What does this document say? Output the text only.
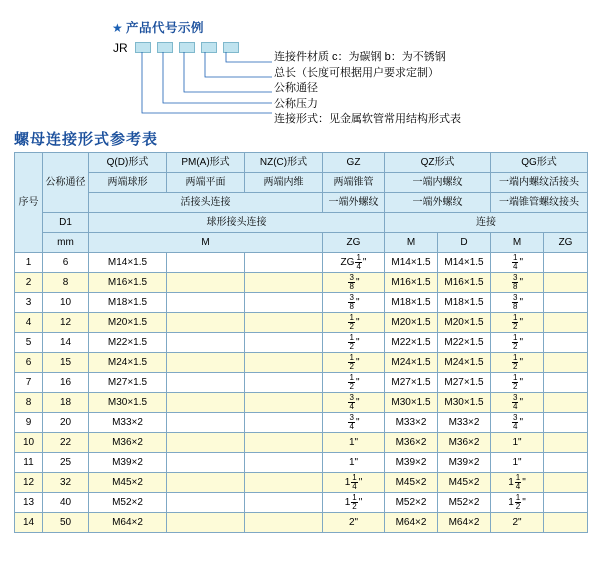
★ 产品代号示例
JR
连接件材质 c：为碳钢 b：为不锈钢
总长（长度可根据用户要求定制）
公称通径
公称压力
连接形式：见金属软管常用结构形式表
螺母连接形式参考表
序号	公称通径	Q(D)形式	PM(A)形式	NZ(C)形式	GZ	QZ形式		QG形式	
		两端球形	两端平面	两端内维	两端锥管	一端内螺纹		一端内螺纹活接头	
		活接头连接			一端外螺纹	一端外螺纹		一端锥管螺纹接头	
	D1	球形接头连接				连接			
	mm	M			ZG	M	D	M	ZG
1	6	M14×1.5			ZG $\frac{1}{4}$ "	M14×1.5	M14×1.5	$\frac{1}{4}$ "	
2	8	M16×1.5			$\frac{3}{8}$ "	M16×1.5	M16×1.5	$\frac{3}{8}$ "	
3	10	M18×1.5			$\frac{3}{8}$ "	M18×1.5	M18×1.5	$\frac{3}{8}$ "	
4	12	M20×1.5			$\frac{1}{2}$ "	M20×1.5	M20×1.5	$\frac{1}{2}$ "	
5	14	M22×1.5			$\frac{1}{2}$ "	M22×1.5	M22×1.5	$\frac{1}{2}$ "	
6	15	M24×1.5			$\frac{1}{2}$ "	M24×1.5	M24×1.5	$\frac{1}{2}$ "	
7	16	M27×1.5			$\frac{1}{2}$ "	M27×1.5	M27×1.5	$\frac{1}{2}$ "	
8	18	M30×1.5			$\frac{3}{4}$ "	M30×1.5	M30×1.5	$\frac{3}{4}$ "	
9	20	M33×2			$\frac{3}{4}$ "	M33×2	M33×2	$\frac{3}{4}$ "	
10	22	M36×2			1"	M36×2	M36×2	1"	
11	25	M39×2			1"	M39×2	M39×2	1"	
12	32	M45×2			$1 \frac{1}{4}$ "	M45×2	M45×2	$1 \frac{1}{4}$ "	
13	40	M52×2			$1 \frac{1}{2}$ "	M52×2	M52×2	$1 \frac{1}{2}$ "	
14	50	M64×2			2"	M64×2	M64×2	2"	
